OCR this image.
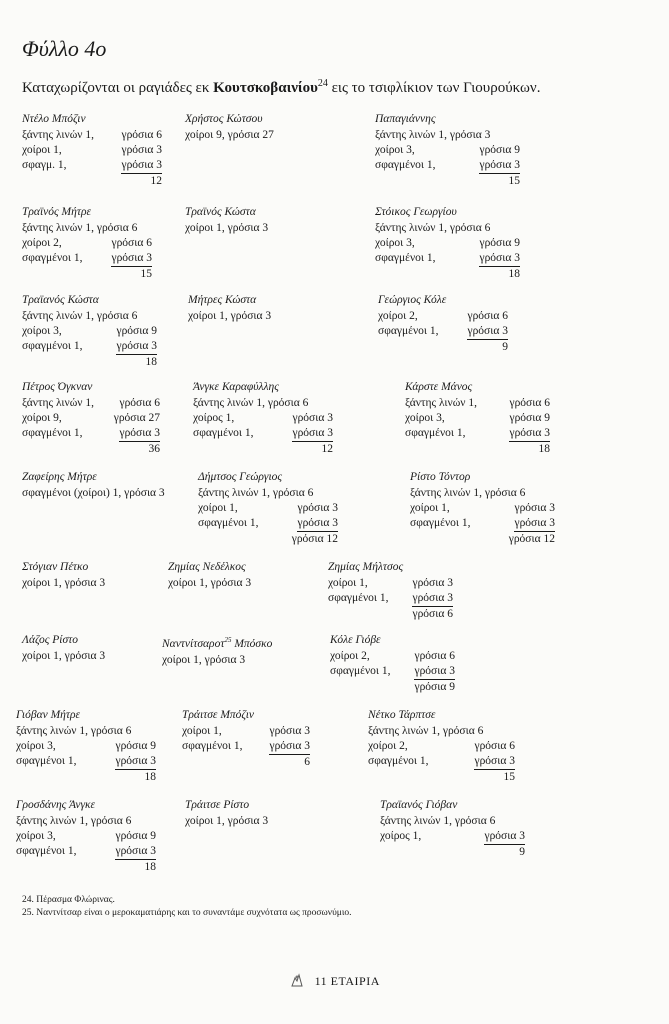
Φύλλο 4ο
Καταχωρίζονται οι ραγιάδες εκ Κουτσκοβαινίου$^{24}$ εις το τσιφλίκιον των Γιουρούκων.
Ντέλο Μπόζιν
ξάντης λινών 1, γρόσια 6
χοίροι 1,	γρόσια 3
σφαγμ. 1,	γρόσια 3
12
Χρήστος Κώτσου
χοίροι 9, γρόσια 27
Παπαγιάννης
ξάντης λινών 1, γρόσια 3
χοίροι 3,	γρόσια 9
σφαγμένοι 1,	γρόσια 3
15
Τραϊνός Μήτρε
ξάντης λινών 1, γρόσια 6
χοίροι 2,	γρόσια 6
σφαγμένοι 1,	γρόσια 3
15
Τραϊνός Κώστα
χοίροι 1, γρόσια 3
Στόικος Γεωργίου
ξάντης λινών 1, γρόσια 6
χοίροι 3,	γρόσια 9
σφαγμένοι 1,	γρόσια 3
18
Τραϊανός Κώστα
ξάντης λινών 1, γρόσια 6
χοίροι 3,	γρόσια 9
σφαγμένοι 1,	γρόσια 3
18
Μήτρες Κώστα
χοίροι 1, γρόσια 3
Γεώργιος Κόλε
χοίροι 2,	γρόσια 6
σφαγμένοι 1,	γρόσια 3
9
Πέτρος Όγκναν
ξάντης λινών 1, γρόσια 6
χοίροι 9,	γρόσια 27
σφαγμένοι 1,	γρόσια 3
36
Άνγκε Καραφύλλης
ξάντης λινών 1, γρόσια 6
χοίρος 1,	γρόσια 3
σφαγμένοι 1,	γρόσια 3
12
Κάρστε Μάνος
ξάντης λινών 1,	γρόσια 6
χοίροι 3,	γρόσια 9
σφαγμένοι 1,	γρόσια 3
18
Ζαφείρης Μήτρε
σφαγμένοι (χοίροι) 1, γρόσια 3
Δήμτσος Γεώργιος
ξάντης λινών 1, γρόσια 6
χοίροι 1,	γρόσια 3
σφαγμένοι 1,	γρόσια 3
γρόσια 12
Ρίστο Τόντορ
ξάντης λινών 1, γρόσια 6
χοίροι 1,	γρόσια 3
σφαγμένοι 1,	γρόσια 3
γρόσια 12
Στόγιαν Πέτκο
χοίροι 1, γρόσια 3
Ζημίας Νεδέλκος
χοίροι 1, γρόσια 3
Ζημίας Μήλτσος
χοίροι 1,	γρόσια 3
σφαγμένοι 1, γρόσια 3
γρόσια 6
Λάζος Ρίστο
χοίροι 1, γρόσια 3
Ναντνίτσαροτ$^{25}$ Μπόσκο
χοίροι 1, γρόσια 3
Κόλε Γιόβε
χοίροι 2,	γρόσια 6
σφαγμένοι 1, γρόσια 3
γρόσια 9
Γιόβαν Μήτρε
ξάντης λινών 1, γρόσια 6
χοίροι 3,	γρόσια 9
σφαγμένοι 1,	γρόσια 3
18
Τράιτσε Μπόζιν
χοίροι 1,	γρόσια 3
σφαγμένοι 1, γρόσια 3
6
Νέτκο Τάρπτσε
ξάντης λινών 1, γρόσια 6
χοίροι 2,	γρόσια 6
σφαγμένοι 1,	γρόσια 3
15
Γροσδάνης Άνγκε
ξάντης λινών 1, γρόσια 6
χοίροι 3,	γρόσια 9
σφαγμένοι 1,	γρόσια 3
18
Τράιτσε Ρίστο
χοίροι 1, γρόσια 3
Τραϊανός Γιόβαν
ξάντης λινών 1, γρόσια 6
χοίρος 1,	γρόσια 3
9
24. Πέρασμα Φλώρινας.
25. Ναντνίτσαρ είναι ο μεροκαματιάρης και το συναντάμε συχνότατα ως προσωνύμιο.
11 ΕΤΑΙΡΙΑ
